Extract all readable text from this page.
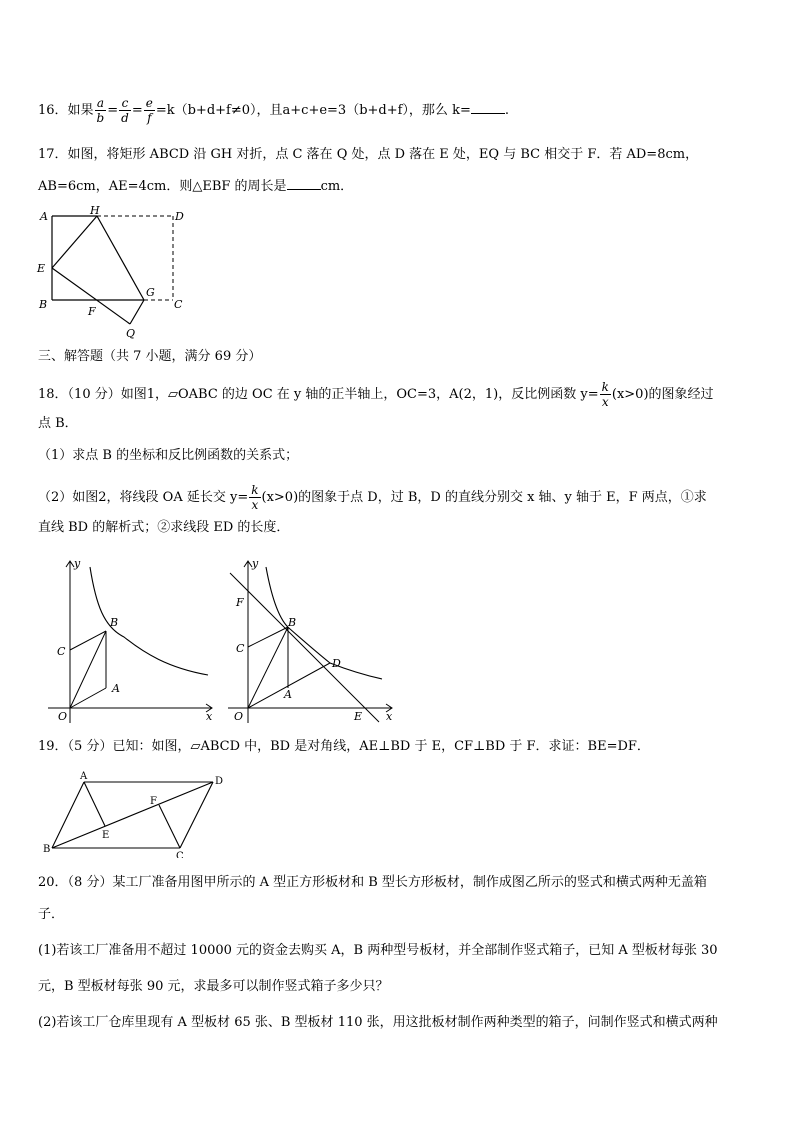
16．如果 $\frac{a}{b} = \frac{c}{d} = \frac{e}{f} =k(b+d+f\ne 0)$，且a+c+e=3（b+d+f），那么 k=	.
17．如图，将矩形 ABCD 沿 GH 对折，点 C 落在 Q 处，点 D 落在 E 处，EQ 与 BC 相交于 F．若 AD=8cm，
AB=6cm，AE=4cm．则△EBF 的周长是	cm．
A	H	D
E
B
F
G
C
Q
三、解答题（共 7 小题，满分 69 分）
18．（10 分）如图1，▱OABC 的边 OC 在 y 轴的正半轴上，OC=3，A(2，1)，反比例函数 $y= \frac{k}{x} (x>0)$的图象经过
点 B．
（1）求点 B 的坐标和反比例函数的关系式；
（2）如图2，将线段 OA 延长交 $y= \frac{k}{x} (x>0)$的图象于点 D，过 B，D 的直线分别交 x 轴、y 轴于 E，F 两点，①求
直线 BD 的解析式；②求线段 ED 的长度．
y
x
O
C
B
A
y
x
O
F
C
B
A
D
E
19．（5 分）已知：如图，▱ABCD 中，BD 是对角线，AE⊥BD 于 E，CF⊥BD 于 F．求证：BE=DF．
A	D
F
E
B
C
20．（8 分）某工厂准备用图甲所示的 A 型正方形板材和 B 型长方形板材，制作成图乙所示的竖式和横式两种无盖箱
子．
(1)若该工厂准备用不超过 10000 元的资金去购买 A，B 两种型号板材，并全部制作竖式箱子，已知 A 型板材每张 30
元，B 型板材每张 90 元，求最多可以制作竖式箱子多少只？
(2)若该工厂仓库里现有 A 型板材 65 张、B 型板材 110 张，用这批板材制作两种类型的箱子，问制作竖式和横式两种
